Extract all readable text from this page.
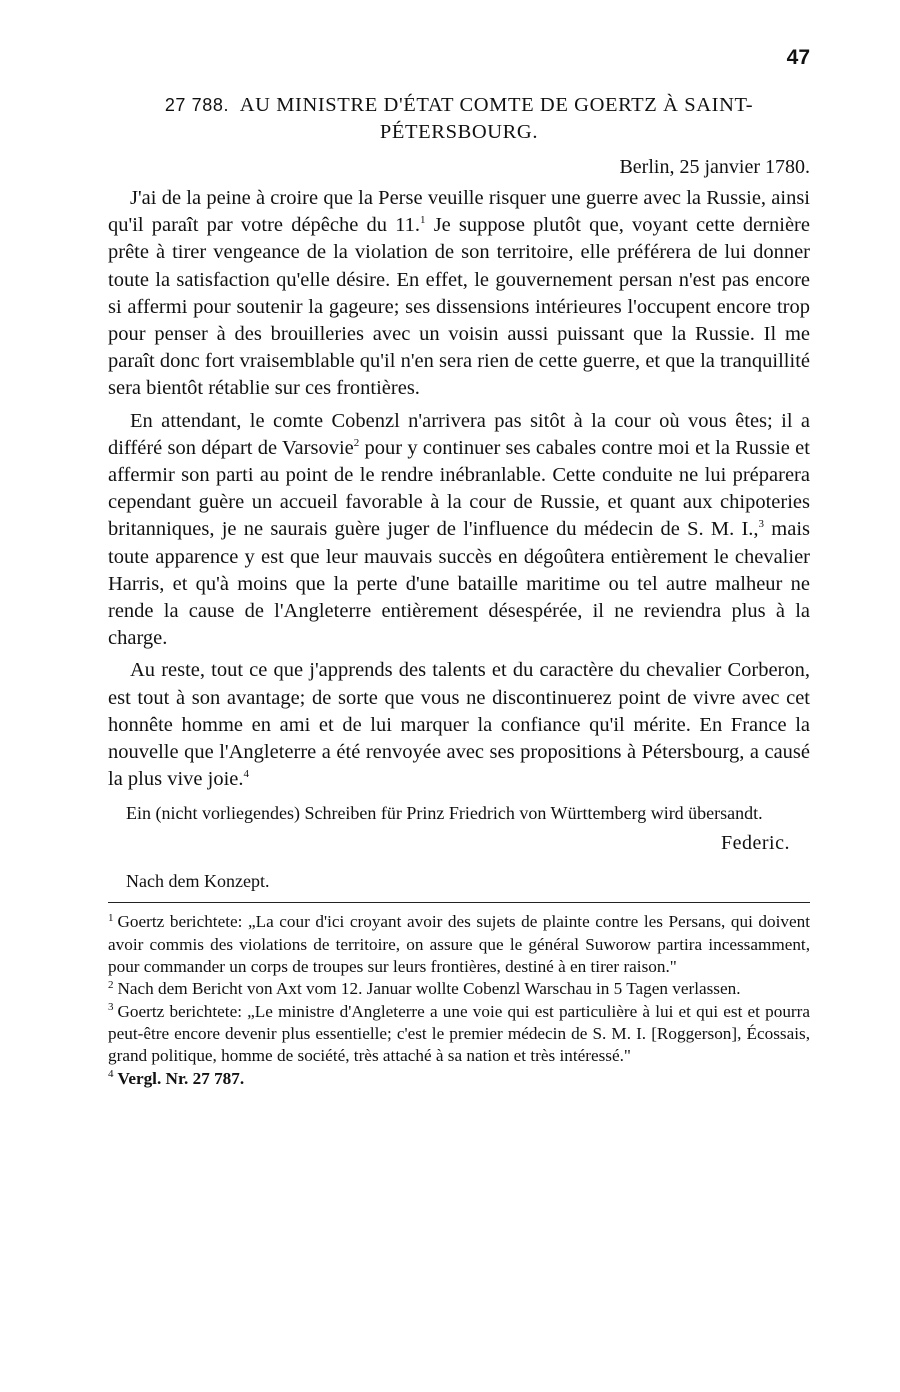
47
27 788. AU MINISTRE D'ÉTAT COMTE DE GOERTZ À SAINT-PÉTERSBOURG.
Berlin, 25 janvier 1780.

J'ai de la peine à croire que la Perse veuille risquer une guerre avec la Russie, ainsi qu'il paraît par votre dépêche du 11.$^1$ Je suppose plutôt que, voyant cette dernière prête à tirer vengeance de la violation de son territoire, elle préférera de lui donner toute la satisfaction qu'elle désire. En effet, le gouvernement persan n'est pas encore si affermi pour soutenir la gageure; ses dissensions intérieures l'occupent encore trop pour penser à des brouilleries avec un voisin aussi puissant que la Russie. Il me paraît donc fort vraisemblable qu'il n'en sera rien de cette guerre, et que la tranquillité sera bientôt rétablie sur ces frontières.

En attendant, le comte Cobenzl n'arrivera pas sitôt à la cour où vous êtes; il a différé son départ de Varsovie$^2$ pour y continuer ses cabales contre moi et la Russie et affermir son parti au point de le rendre inébranlable. Cette conduite ne lui préparera cependant guère un accueil favorable à la cour de Russie, et quant aux chipoteries britanniques, je ne saurais guère juger de l'influence du médecin de S. M. I.,$^3$ mais toute apparence y est que leur mauvais succès en dégoûtera entièrement le chevalier Harris, et qu'à moins que la perte d'une bataille maritime ou tel autre malheur ne rende la cause de l'Angleterre entièrement désespérée, il ne reviendra plus à la charge.

Au reste, tout ce que j'apprends des talents et du caractère du chevalier Corberon, est tout à son avantage; de sorte que vous ne discontinuerez point de vivre avec cet honnête homme en ami et de lui marquer la confiance qu'il mérite. En France la nouvelle que l'Angleterre a été renvoyée avec ses propositions à Pétersbourg, a causé la plus vive joie.$^4$

Ein (nicht vorliegendes) Schreiben für Prinz Friedrich von Württemberg wird übersandt.
Federic.
Nach dem Konzept.
$^1$ Goertz berichtete: „La cour d'ici croyant avoir des sujets de plainte contre les Persans, qui doivent avoir commis des violations de territoire, on assure que le général Suworow partira incessamment, pour commander un corps de troupes sur leurs frontières, destiné à en tirer raison."
$^2$ Nach dem Bericht von Axt vom 12. Januar wollte Cobenzl Warschau in 5 Tagen verlassen.
$^3$ Goertz berichtete: „Le ministre d'Angleterre a une voie qui est particulière à lui et qui est et pourra peut-être encore devenir plus essentielle; c'est le premier médecin de S. M. I. [Roggerson], Écossais, grand politique, homme de société, très attaché à sa nation et très intéressé."
$^4$ Vergl. Nr. 27 787.
